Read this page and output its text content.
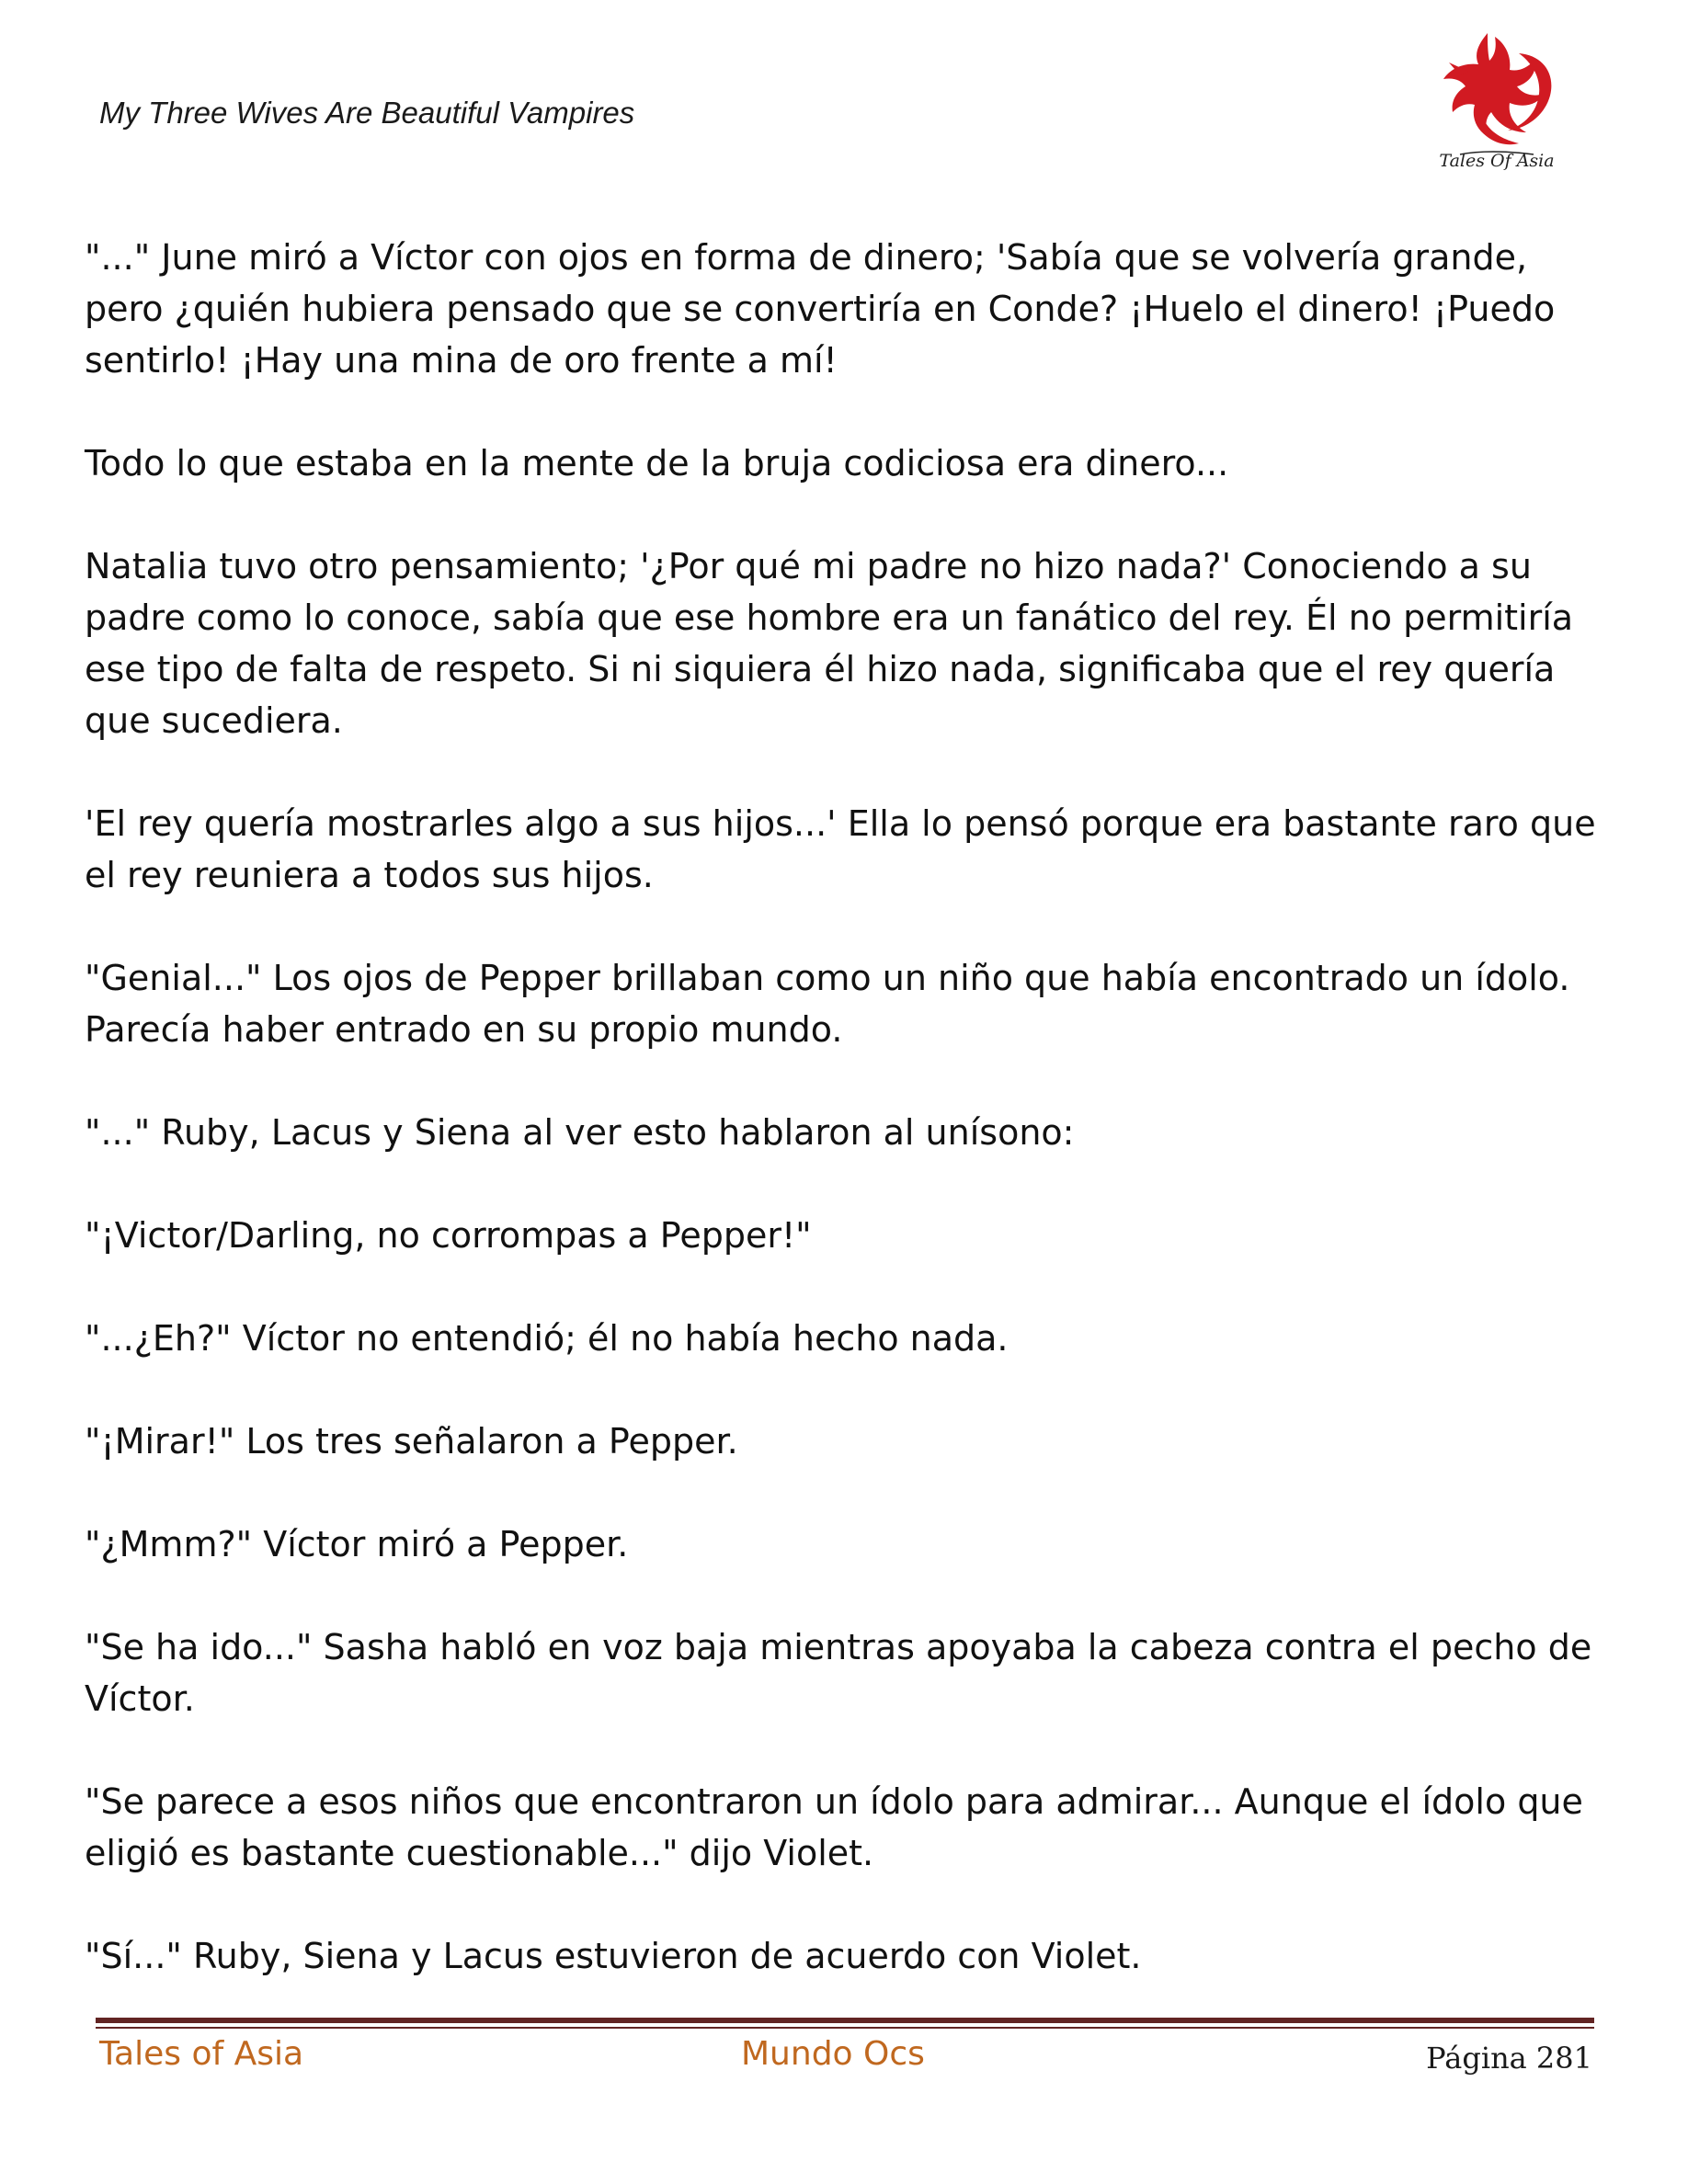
My Three Wives Are Beautiful Vampires

Tales Of Asia

"..." June miró a Víctor con ojos en forma de dinero; 'Sabía que se volvería grande, pero ¿quién hubiera pensado que se convertiría en Conde? ¡Huelo el dinero! ¡Puedo sentirlo! ¡Hay una mina de oro frente a mí!

Todo lo que estaba en la mente de la bruja codiciosa era dinero...

Natalia tuvo otro pensamiento; '¿Por qué mi padre no hizo nada?' Conociendo a su padre como lo conoce, sabía que ese hombre era un fanático del rey. Él no permitiría ese tipo de falta de respeto. Si ni siquiera él hizo nada, significaba que el rey quería que sucediera.

'El rey quería mostrarles algo a sus hijos...' Ella lo pensó porque era bastante raro que el rey reuniera a todos sus hijos.

"Genial..." Los ojos de Pepper brillaban como un niño que había encontrado un ídolo. Parecía haber entrado en su propio mundo.

"..." Ruby, Lacus y Siena al ver esto hablaron al unísono:

"¡Victor/Darling, no corrompas a Pepper!"

"...¿Eh?" Víctor no entendió; él no había hecho nada.

"¡Mirar!" Los tres señalaron a Pepper.

"¿Mmm?" Víctor miró a Pepper.

"Se ha ido..." Sasha habló en voz baja mientras apoyaba la cabeza contra el pecho de Víctor.

"Se parece a esos niños que encontraron un ídolo para admirar... Aunque el ídolo que eligió es bastante cuestionable..." dijo Violet.

"Sí..." Ruby, Siena y Lacus estuvieron de acuerdo con Violet.

Tales of Asia	Mundo Ocs	Página 281
